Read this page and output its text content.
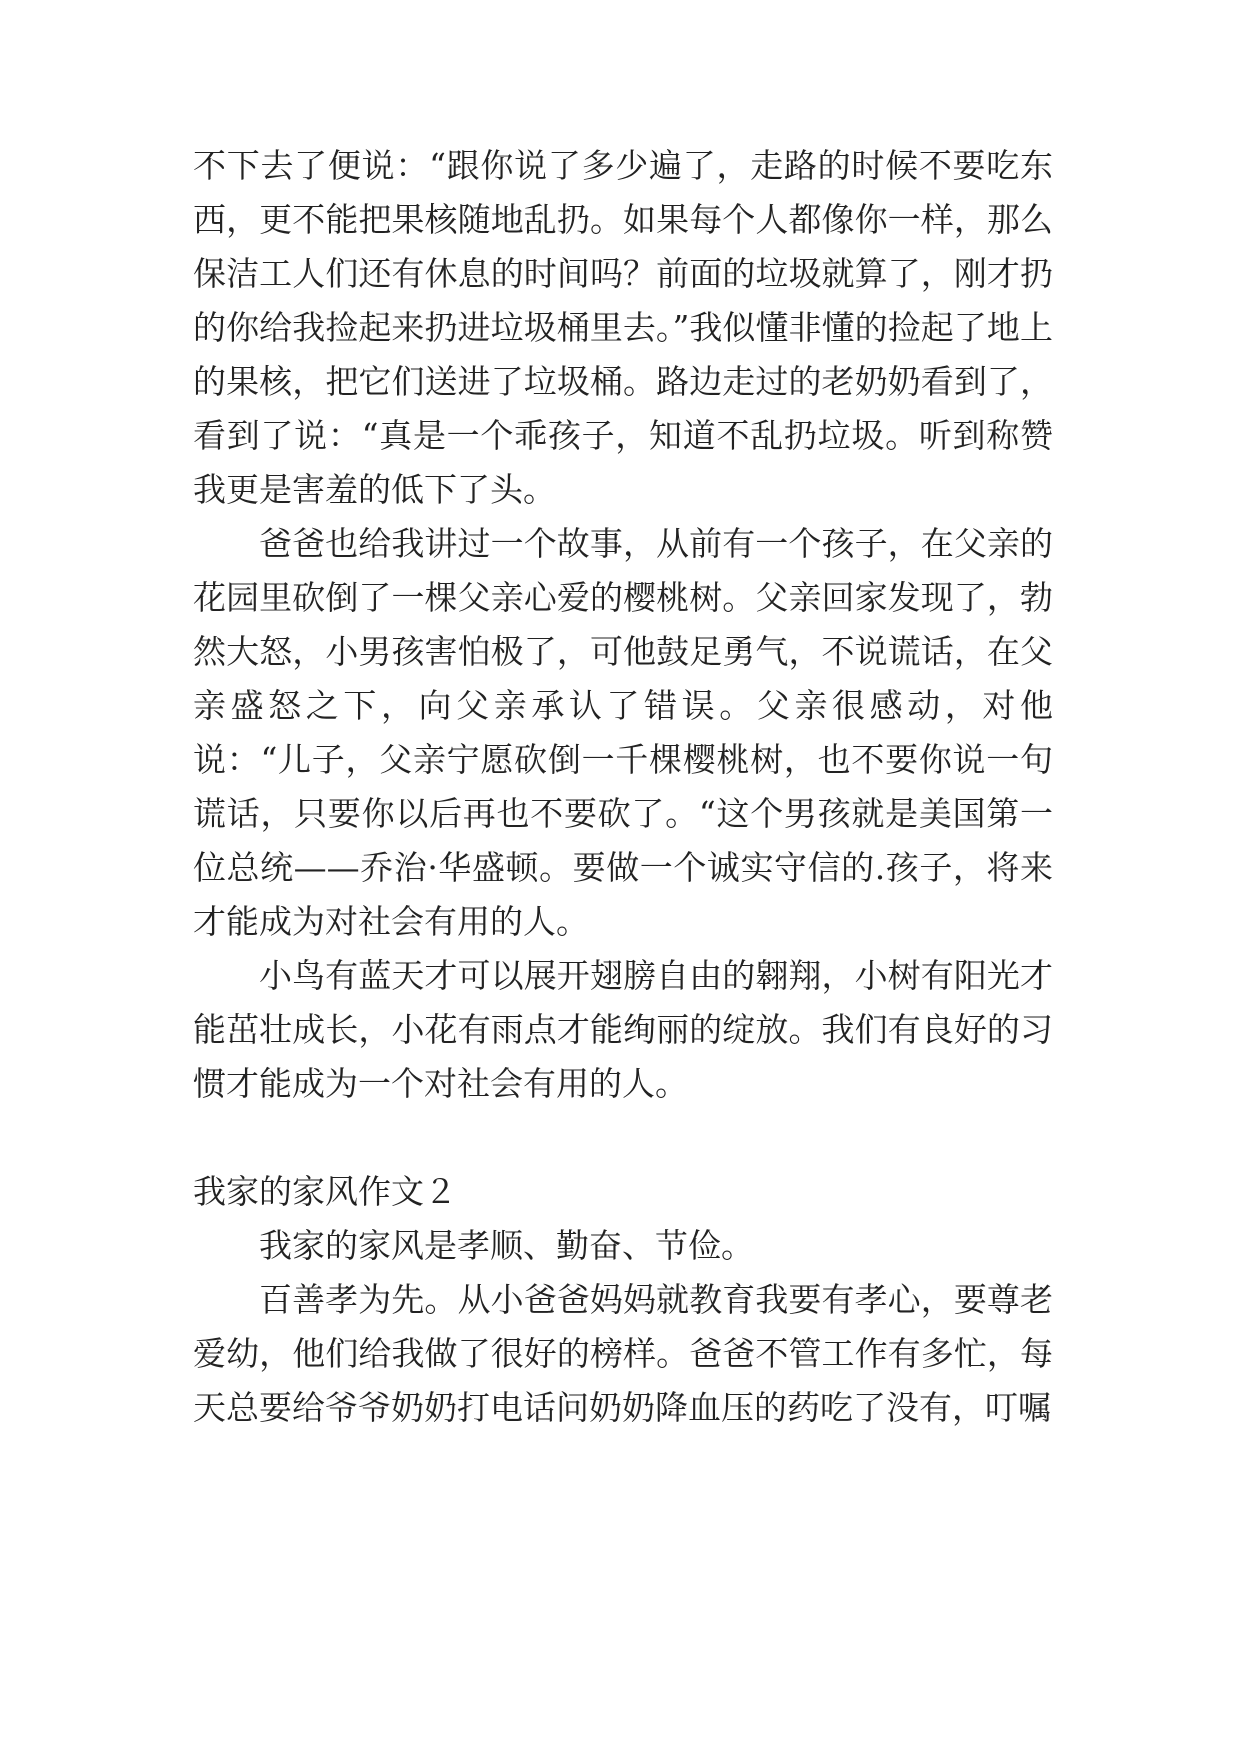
不下去了便说：“跟你说了多少遍了，走路的时候不要吃东西，更不能把果核随地乱扔。如果每个人都像你一样，那么保洁工人们还有休息的时间吗？前面的垃圾就算了，刚才扔的你给我捡起来扔进垃圾桶里去。”我似懂非懂的捡起了地上的果核，把它们送进了垃圾桶。路边走过的老奶奶看到了，看到了说：“真是一个乖孩子，知道不乱扔垃圾。听到称赞我更是害羞的低下了头。

爸爸也给我讲过一个故事，从前有一个孩子，在父亲的花园里砍倒了一棵父亲心爱的樱桃树。父亲回家发现了，勃然大怒，小男孩害怕极了，可他鼓足勇气，不说谎话，在父亲盛怒之下，向父亲承认了错误。父亲很感动，对他说：“儿子，父亲宁愿砍倒一千棵樱桃树，也不要你说一句谎话，只要你以后再也不要砍了。“这个男孩就是美国第一位总统——乔治·华盛顿。要做一个诚实守信的.孩子，将来才能成为对社会有用的人。

小鸟有蓝天才可以展开翅膀自由的翱翔，小树有阳光才能茁壮成长，小花有雨点才能绚丽的绽放。我们有良好的习惯才能成为一个对社会有用的人。

我家的家风作文２

我家的家风是孝顺、勤奋、节俭。

百善孝为先。从小爸爸妈妈就教育我要有孝心，要尊老爱幼，他们给我做了很好的榜样。爸爸不管工作有多忙，每天总要给爷爷奶奶打电话问奶奶降血压的药吃了没有，叮嘱
